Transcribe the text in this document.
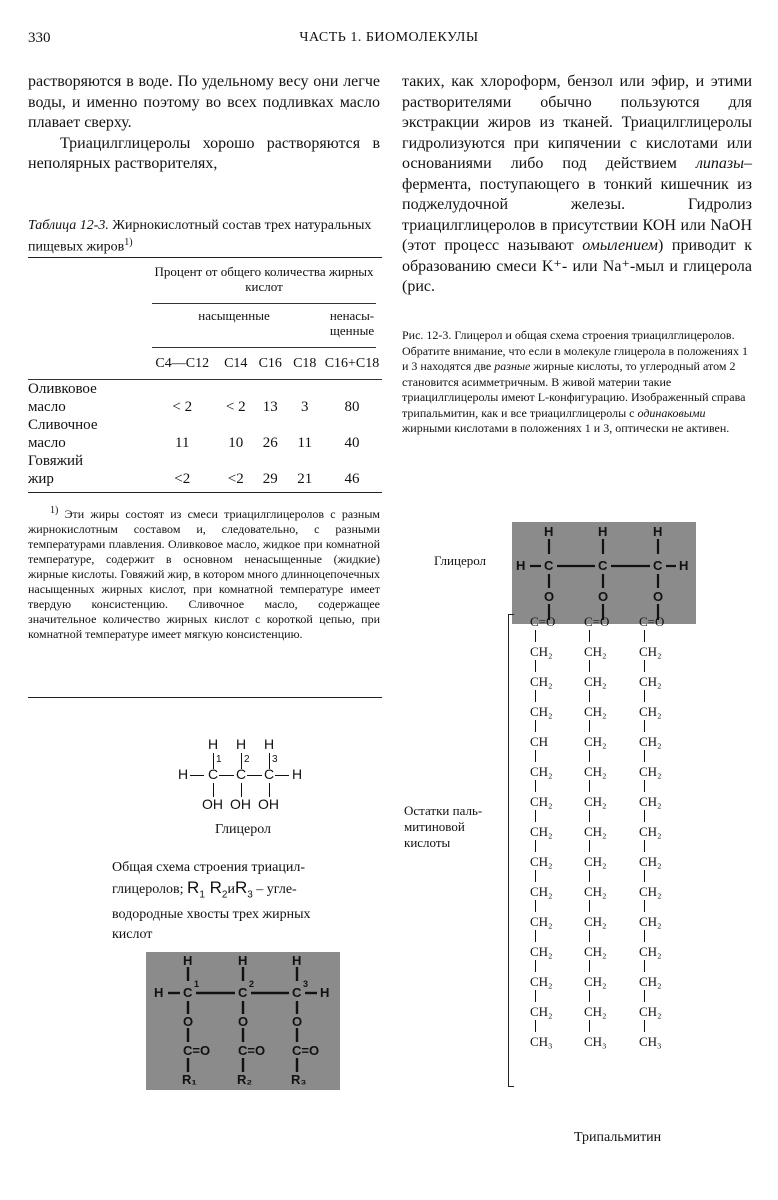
330	ЧАСТЬ 1. БИОМОЛЕКУЛЫ

растворяются в воде. По удельному весу они легче воды, и именно поэтому во всех подливках масло плавает сверху.

Триацилглицеролы хорошо растворяются в неполярных растворителях,

Таблица 12-3. Жирнокислотный состав трех натуральных пищевых жиров$^{1)}$
	Процент от общего количества жирных кислот				

	насыщенные				ненасы-щенные

	C4—C12	C14	C16	C18	C16+C18

Оливковое
масло	< 2	< 2	13	3	80

Сливочное
масло	11	10	26	11	40

Говяжий
жир	<2	<2	29	21	46
$^{1)}$ Эти жиры состоят из смеси триацилглицеролов с разным жирнокислотным составом и, следовательно, с разными температурами плавления. Оливковое масло, жидкое при комнатной температуре, содержит в основном ненасыщенные (жидкие) жирные кислоты. Говяжий жир, в котором много длинноцепочечных насыщенных жирных кислот, при комнатной температуре имеет твердую консистенцию. Сливочное масло, содержащее значительное количество жирных кислот с короткой цепью, при комнатной температуре имеет мягкую консистенцию.
H H H
1 2 3
H C C C H
OH OH OH
Глицерол
Общая схема строения триацил-
глицеролов; $R_1$ $R_2иR_3$ – угле-
водородные хвосты трех жирных
кислот
H	H	H
H C	C	C H
1	2	3
O	O	O
C=O C=O C=O
R₁	R₂	R₃
таких, как хлороформ, бензол или эфир, и этими растворителями обычно пользуются для экстракции жиров из тканей. Триацилглицеролы гидролизуются при кипячении с кислотами или основаниями либо под действием липазы– фермента, поступающего в тонкий кишечник из поджелудочной железы. Гидролиз триацилглицеролов в присутствии КОН или NaOH (этот процесс называют омылением) приводит к образованию смеси K⁺- или Na⁺-мыл и глицерола (рис.
Рис. 12-3. Глицерол и общая схема строения триацилглицеролов. Обратите внимание, что если в молекуле глицерола в положениях 1 и 3 находятся две разные жирные кислоты, то углеродный атом 2 становится асимметричным. В живой материи такие триацилглицеролы имеют L-конфигурацию. Изображенный справа трипальмитин, как и все триацилглицеролы с одинаковыми жирными кислотами в положениях 1 и 3, оптически не активен.
Глицерол
H	H	H
H C	C	C H
O	O	O
Остатки паль-митиновой кислоты
C=O
CH₂
CH₂
CH₂
CH
CH₂
CH₂
CH₂
CH₂
CH₂
CH₂
CH₂
CH₂
CH₂
CH₃
C=O
CH₂
CH₂
CH₂
CH₂
CH₂
CH₂
CH₂
CH₂
CH₂
CH₂
CH₂
CH₂
CH₂
CH₃
C=O
CH₂
CH₂
CH₂
CH₂
CH₂
CH₂
CH₂
CH₂
CH₂
CH₂
CH₂
CH₂
CH₂
CH₃
Трипальмитин
